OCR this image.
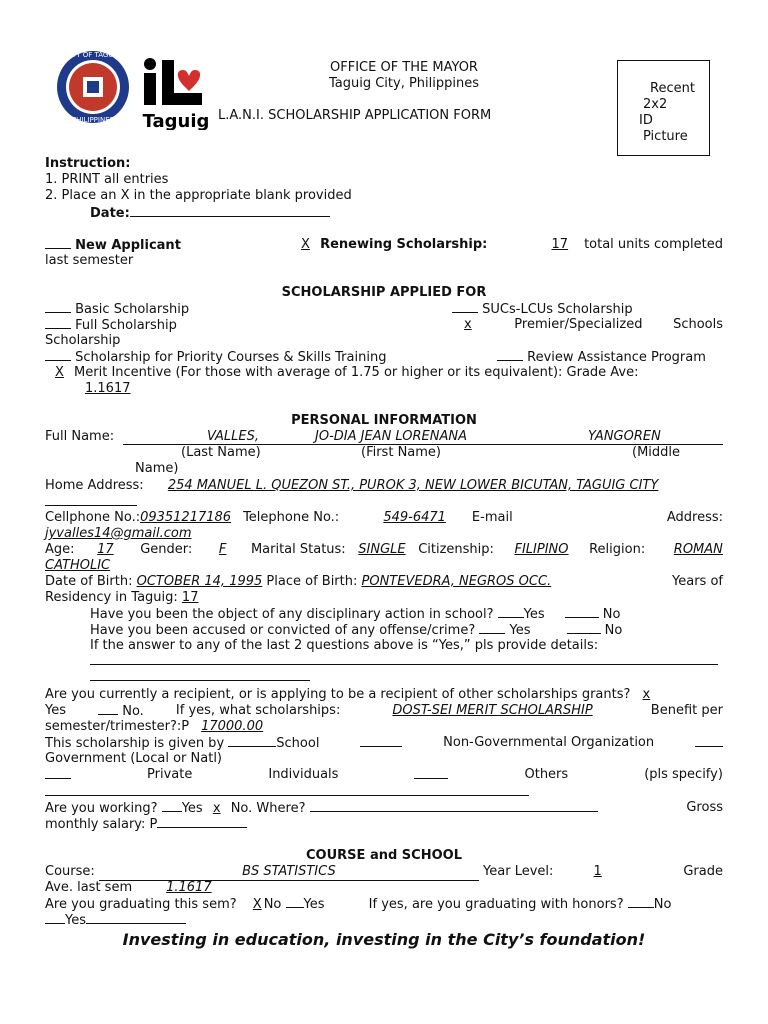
CITY OF TAGUIG
PHILIPPINES Taguig
OFFICE OF THE MAYOR
Taguig City, Philippines
L.A.N.I. SCHOLARSHIP APPLICATION FORM
Recent
2x2
ID
Picture
Instruction:
1. PRINT all entries
2. Place an X in the appropriate blank provided
Date:
New Applicant	X Renewing Scholarship:	17 total units completed
last semester
SCHOLARSHIP APPLIED FOR
Basic Scholarship	SUCs-LCUs Scholarship
Full Scholarship	x	Premier/Specialized Schools
Scholarship
Scholarship for Priority Courses & Skills Training	Review Assistance Program
X Merit Incentive (For those with average of 1.75 or higher or its equivalent): Grade Ave:
1.1617
PERSONAL INFORMATION
Full Name:	VALLES,	JO-DIA JEAN LORENANA	YANGOREN
(Last Name)	(First Name)	(Middle
Name)
Home Address: 254 MANUEL L. QUEZON ST., PUROK 3, NEW LOWER BICUTAN, TAGUIG CITY
Cellphone No.:09351217186 Telephone No.:	549-6471 E-mail	Address:
jyvalles14@gmail.com
Age:	17	Gender:	F	Marital Status: SINGLE Citizenship:	FILIPINO	Religion:	ROMAN
CATHOLIC
Date of Birth: OCTOBER 14, 1995 Place of Birth: PONTEVEDRA, NEGROS OCC.	Years of
Residency in Taguig: 17
Have you been the object of any disciplinary action in school? Yes	No
Have you been accused or convicted of any offense/crime?	Yes	No
If the answer to any of the last 2 questions above is “Yes,” pls provide details:
Are you currently a recipient, or is applying to be a recipient of other scholarships grants? x
Yes	No. If yes, what scholarships:	DOST-SEI MERIT SCHOLARSHIP	Benefit per
semester/trimester?:P 17000.00
This scholarship is given by	School	Non-Governmental Organization
Government (Local or Natl)
Private	Individuals	Others	(pls specify)
Are you working? Yes x No. Where?	Gross
monthly salary: P
COURSE and SCHOOL
Course:	BS STATISTICS	Year Level:	1	Grade
Ave. last sem	1.1617
Are you graduating this sem? X No Yes	If yes, are you graduating with honors? No
Yes
Investing in education, investing in the City’s foundation!
